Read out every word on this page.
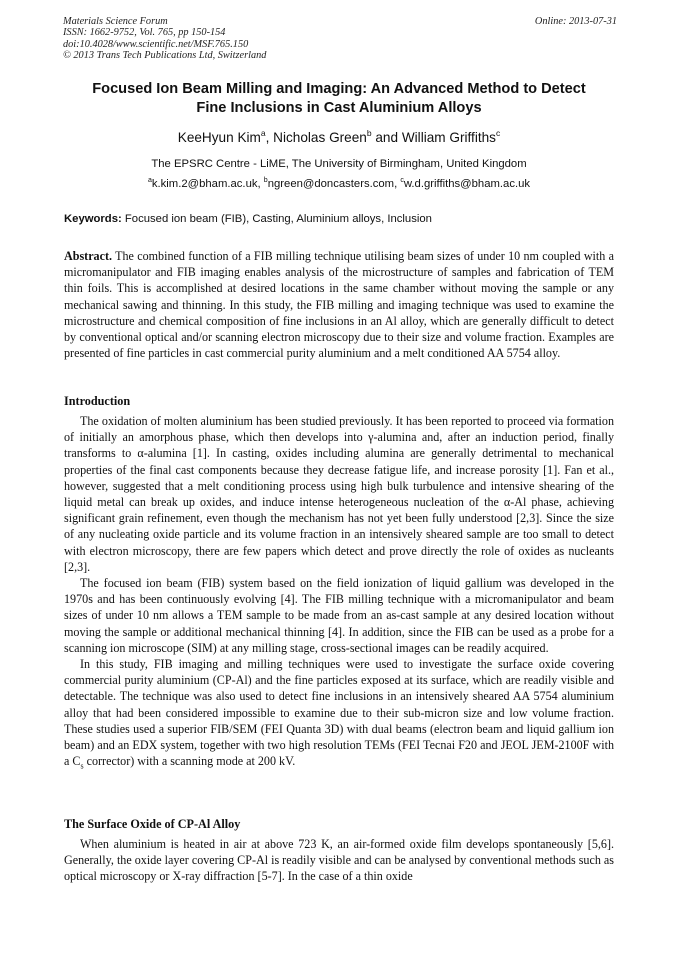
Materials Science Forum
ISSN: 1662-9752, Vol. 765, pp 150-154
doi:10.4028/www.scientific.net/MSF.765.150
© 2013 Trans Tech Publications Ltd, Switzerland
Online: 2013-07-31
Focused Ion Beam Milling and Imaging: An Advanced Method to Detect
Fine Inclusions in Cast Aluminium Alloys
KeeHyun Kim$^a$, Nicholas Green$^b$ and William Griffiths$^c$
The EPSRC Centre - LiME, The University of Birmingham, United Kingdom
$^a$k.kim.2@bham.ac.uk, $^b$ngreen@doncasters.com, $^c$w.d.griffiths@bham.ac.uk
Keywords: Focused ion beam (FIB), Casting, Aluminium alloys, Inclusion

Abstract. The combined function of a FIB milling technique utilising beam sizes of under 10 nm coupled with a micromanipulator and FIB imaging enables analysis of the microstructure of samples and fabrication of TEM thin foils. This is accomplished at desired locations in the same chamber without moving the sample or any mechanical sawing and thinning. In this study, the FIB milling and imaging technique was used to examine the microstructure and chemical composition of fine inclusions in an Al alloy, which are generally difficult to detect by conventional optical and/or scanning electron microscopy due to their size and volume fraction. Examples are presented of fine particles in cast commercial purity aluminium and a melt conditioned AA 5754 alloy.

Introduction

The oxidation of molten aluminium has been studied previously. It has been reported to proceed via formation of initially an amorphous phase, which then develops into γ-alumina and, after an induction period, finally transforms to α-alumina [1]. In casting, oxides including alumina are generally detrimental to mechanical properties of the final cast components because they decrease fatigue life, and increase porosity [1]. Fan et al., however, suggested that a melt conditioning process using high bulk turbulence and intensive shearing of the liquid metal can break up oxides, and induce intense heterogeneous nucleation of the α-Al phase, achieving significant grain refinement, even though the mechanism has not yet been fully understood [2,3]. Since the size of any nucleating oxide particle and its volume fraction in an intensively sheared sample are too small to detect with electron microscopy, there are few papers which detect and prove directly the role of oxides as nucleants [2,3].

The focused ion beam (FIB) system based on the field ionization of liquid gallium was developed in the 1970s and has been continuously evolving [4]. The FIB milling technique with a micromanipulator and beam sizes of under 10 nm allows a TEM sample to be made from an as-cast sample at any desired location without moving the sample or additional mechanical thinning [4]. In addition, since the FIB can be used as a probe for a scanning ion microscope (SIM) at any milling stage, cross-sectional images can be readily acquired.

In this study, FIB imaging and milling techniques were used to investigate the surface oxide covering commercial purity aluminium (CP-Al) and the fine particles exposed at its surface, which are readily visible and detectable. The technique was also used to detect fine inclusions in an intensively sheared AA 5754 aluminium alloy that had been considered impossible to examine due to their sub-micron size and low volume fraction. These studies used a superior FIB/SEM (FEI Quanta 3D) with dual beams (electron beam and liquid gallium ion beam) and an EDX system, together with two high resolution TEMs (FEI Tecnai F20 and JEOL JEM-2100F with a $C_s$ corrector) with a scanning mode at 200 kV.

The Surface Oxide of CP-Al Alloy

When aluminium is heated in air at above 723 K, an air-formed oxide film develops spontaneously [5,6]. Generally, the oxide layer covering CP-Al is readily visible and can be analysed by conventional methods such as optical microscopy or X-ray diffraction [5-7]. In the case of a thin oxide
